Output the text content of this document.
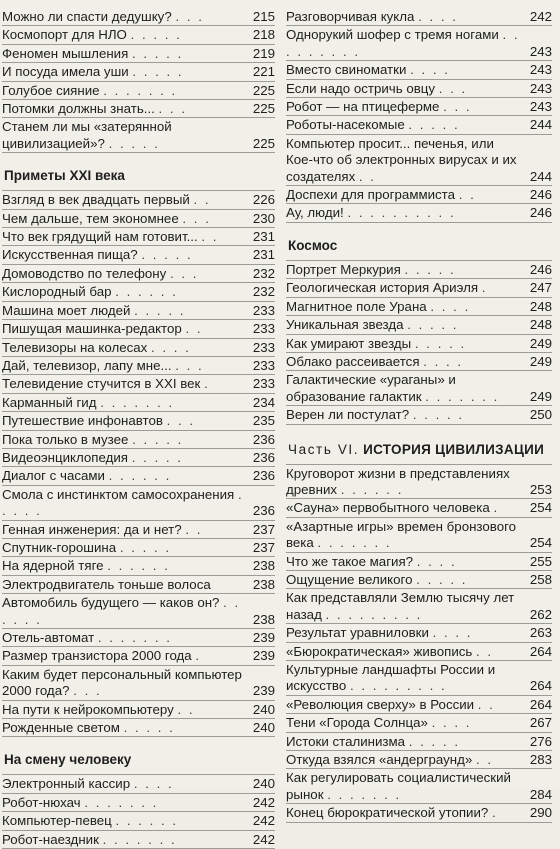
Можно ли спасти дедушку? . . .	215
Космопорт для НЛО . . . . .	218
Феномен мышления . . . . .	219
И посуда имела уши . . . . .	221
Голубое сияние . . . . . . .	225
Потомки должны знать... . . .	225
Станем ли мы «затерянной цивилизацией»? . . . . .	225
Приметы XXI века
Взгляд в век двадцать первый . .	226
Чем дальше, тем экономнее . . .	230
Что век грядущий нам готовит... . .	231
Искусственная пища? . . . . .	231
Домоводство по телефону . . .	232
Кислородный бар . . . . . .	232
Машина моет людей . . . . .	233
Пишущая машинка-редактор . .	233
Телевизоры на колесах . . . .	233
Дай, телевизор, лапу мне... . . .	233
Телевидение стучится в XXI век .	233
Карманный гид . . . . . . .	234
Путешествие инфонавтов . . .	235
Пока только в музее . . . . .	236
Видеоэнциклопедия . . . . .	236
Диалог с часами . . . . . .	236
Смола с инстинктом самосохранения . . . . .	236
Генная инженерия: да и нет? . .	237
Спутник-горошина . . . . .	237
На ядерной тяге . . . . . .	238
Электродвигатель тоньше волоса	238
Автомобиль будущего — каков он? . . . . . .	238
Отель-автомат . . . . . . .	239
Размер транзистора 2000 года .	239
Каким будет персональный компьютер 2000 года? . . .	239
На пути к нейрокомпьютеру . .	240
Рожденные светом . . . . .	240
На смену человеку
Электронный кассир . . . .	240
Робот-нюхач . . . . . . .	242
Компьютер-певец . . . . . .	242
Робот-наездник . . . . . . .	242
Разговорчивая кукла . . . .	242
Однорукий шофер с тремя ногами . . . . . . . . .	243
Вместо свиноматки . . . .	243
Если надо остричь овцу . . .	243
Робот — на птицеферме . . .	243
Роботы-насекомые . . . . .	244
Компьютер просит... печенья, или Кое-что об электронных вирусах и их создателях . .	244
Доспехи для программиста . .	246
Ау, люди! . . . . . . . . . .	246
Космос
Портрет Меркурия . . . . .	246
Геологическая история Ариэля .	247
Магнитное поле Урана . . . .	248
Уникальная звезда . . . . .	248
Как умирают звезды . . . . .	249
Облако рассеивается . . . .	249
Галактические «ураганы» и образование галактик . . . . . . .	249
Верен ли постулат? . . . . .	250
Часть VI. ИСТОРИЯ ЦИВИЛИЗАЦИИ
Круговорот жизни в представлениях древних . . . . . .	253
«Сауна» первобытного человека .	254
«Азартные игры» времен бронзового века . . . . . . .	254
Что же такое магия? . . . .	255
Ощущение великого . . . . .	258
Как представляли Землю тысячу лет назад . . . . . . . . .	262
Результат уравниловки . . . .	263
«Бюрократическая» живопись . .	264
Культурные ландшафты России и искусство . . . . . . . . .	264
«Революция сверху» в России . .	264
Тени «Города Солнца» . . . .	267
Истоки сталинизма . . . . .	276
Откуда взялся «андерграунд» . .	283
Как регулировать социалистический рынок . . . . . . .	284
Конец бюрократической утопии? .	290
